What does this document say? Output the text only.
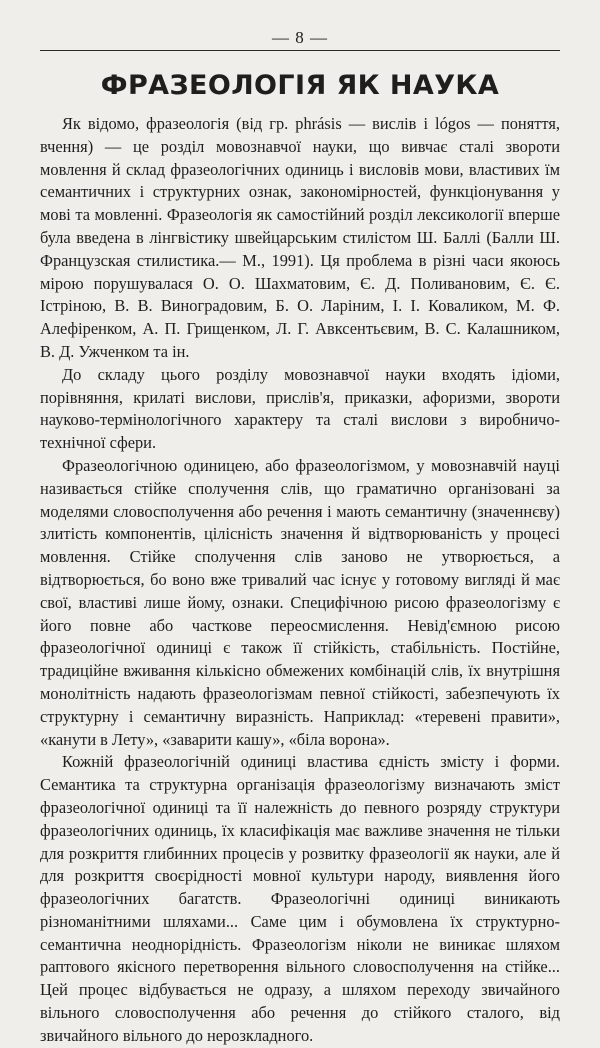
— 8 —
ФРАЗЕОЛОГІЯ ЯК НАУКА

Як відомо, фразеологія (від гр. phrásis — вислів і lógos — поняття, вчення) — це розділ мовознавчої науки, що вивчає сталі звороти мовлення й склад фразеологічних одиниць і висловів мови, властивих їм семантичних і структурних ознак, закономірностей, функціонування у мові та мовленні. Фразеологія як самостійний розділ лексикології вперше була введена в лінгвістику швейцарським стилістом Ш. Баллі (Балли Ш. Французская стилистика.— М., 1991). Ця проблема в різні часи якоюсь мірою порушувалася О. О. Шахматовим, Є. Д. Поливановим, Є. Є. Істріною, В. В. Виноградовим, Б. О. Ларіним, І. І. Коваликом, М. Ф. Алефіренком, А. П. Грищенком, Л. Г. Авксентьєвим, В. С. Калашником, В. Д. Ужченком та ін.

До складу цього розділу мовознавчої науки входять ідіоми, порівняння, крилаті вислови, прислів'я, приказки, афоризми, звороти науково-термінологічного характеру та сталі вислови з виробничо-технічної сфери.

Фразеологічною одиницею, або фразеологізмом, у мовознавчій науці називається стійке сполучення слів, що граматично організовані за моделями словосполучення або речення і мають семантичну (значеннєву) злитість компонентів, цілісність значення й відтворюваність у процесі мовлення. Стійке сполучення слів заново не утворюється, а відтворюється, бо воно вже тривалий час існує у готовому вигляді й має свої, властиві лише йому, ознаки. Специфічною рисою фразеологізму є його повне або часткове переосмислення. Невід'ємною рисою фразеологічної одиниці є також її стійкість, стабільність. Постійне, традиційне вживання кількісно обмежених комбінацій слів, їх внутрішня монолітність надають фразеологізмам певної стійкості, забезпечують їх структурну і семантичну виразність. Наприклад: «теревені правити», «канути в Лету», «заварити кашу», «біла ворона».

Кожній фразеологічній одиниці властива єдність змісту і форми. Семантика та структурна організація фразеологізму визначають зміст фразеологічної одиниці та її належність до певного розряду структури фразеологічних одиниць, їх класифікація має важливе значення не тільки для розкриття глибинних процесів у розвитку фразеології як науки, але й для розкриття своєрідності мовної культури народу, виявлення його фразеологічних багатств. Фразеологічні одиниці виникають різноманітними шляхами... Саме цим і обумовлена їх структурно-семантична неоднорідність. Фразеологізм ніколи не виникає шляхом раптового якісного перетворення вільного словосполучення на стійке... Цей процес відбувається не одразу, а шляхом переходу звичайного вільного словосполучення або речення до стійкого сталого, від звичайного вільного до нерозкладного.
